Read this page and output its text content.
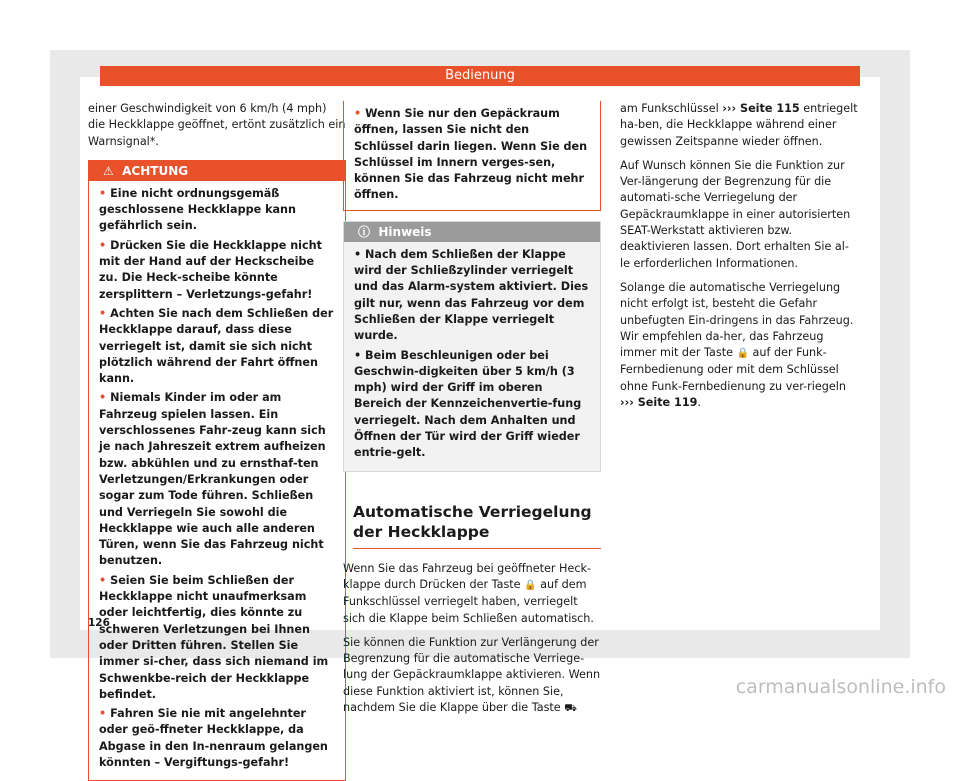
Bedienung

einer Geschwindigkeit von 6 km/h (4 mph) die Heckklappe geöffnet, ertönt zusätzlich ein Warnsignal*.

⚠ ACHTUNG
• Eine nicht ordnungsgemäß geschlossene Heckklappe kann gefährlich sein.
• Drücken Sie die Heckklappe nicht mit der Hand auf der Heckscheibe zu. Die Heck-scheibe könnte zersplittern – Verletzungs-gefahr!
• Achten Sie nach dem Schließen der Heckklappe darauf, dass diese verriegelt ist, damit sie sich nicht plötzlich während der Fahrt öffnen kann.
• Niemals Kinder im oder am Fahrzeug spielen lassen. Ein verschlossenes Fahr-zeug kann sich je nach Jahreszeit extrem aufheizen bzw. abkühlen und zu ernsthaf-ten Verletzungen/Erkrankungen oder sogar zum Tode führen. Schließen und Verriegeln Sie sowohl die Heckklappe wie auch alle anderen Türen, wenn Sie das Fahrzeug nicht benutzen.
• Seien Sie beim Schließen der Heckklappe nicht unaufmerksam oder leichtfertig, dies könnte zu schweren Verletzungen bei Ihnen oder Dritten führen. Stellen Sie immer si-cher, dass sich niemand im Schwenkbe-reich der Heckklappe befindet.
• Fahren Sie nie mit angelehnter oder geö-ffneter Heckklappe, da Abgase in den In-nenraum gelangen könnten – Vergiftungs-gefahr!
• Wenn Sie nur den Gepäckraum öffnen, lassen Sie nicht den Schlüssel darin liegen. Wenn Sie den Schlüssel im Innern verges-sen, können Sie das Fahrzeug nicht mehr öffnen.
ⓘ Hinweis
• Nach dem Schließen der Klappe wird der Schließzylinder verriegelt und das Alarm-system aktiviert. Dies gilt nur, wenn das Fahrzeug vor dem Schließen der Klappe verriegelt wurde.
• Beim Beschleunigen oder bei Geschwin-digkeiten über 5 km/h (3 mph) wird der Griff im oberen Bereich der Kennzeichenvertie-fung verriegelt. Nach dem Anhalten und Öffnen der Tür wird der Griff wieder entrie-gelt.
Automatische Verriegelung der Heckklappe

Wenn Sie das Fahrzeug bei geöffneter Heck-klappe durch Drücken der Taste 🔒 auf dem Funkschlüssel verriegelt haben, verriegelt sich die Klappe beim Schließen automatisch.

Sie können die Funktion zur Verlängerung der Begrenzung für die automatische Verriege-lung der Gepäckraumklappe aktivieren. Wenn diese Funktion aktiviert ist, können Sie, nachdem Sie die Klappe über die Taste ⛟

am Funkschlüssel ››› Seite 115 entriegelt ha-ben, die Heckklappe während einer gewissen Zeitspanne wieder öffnen.

Auf Wunsch können Sie die Funktion zur Ver-längerung der Begrenzung für die automati-sche Verriegelung der Gepäckraumklappe in einer autorisierten SEAT-Werkstatt aktivieren bzw. deaktivieren lassen. Dort erhalten Sie al-le erforderlichen Informationen.

Solange die automatische Verriegelung nicht erfolgt ist, besteht die Gefahr unbefugten Ein-dringens in das Fahrzeug. Wir empfehlen da-her, das Fahrzeug immer mit der Taste 🔒 auf der Funk-Fernbedienung oder mit dem Schlüssel ohne Funk-Fernbedienung zu ver-riegeln ››› Seite 119.

126
carmanualsonline.info
